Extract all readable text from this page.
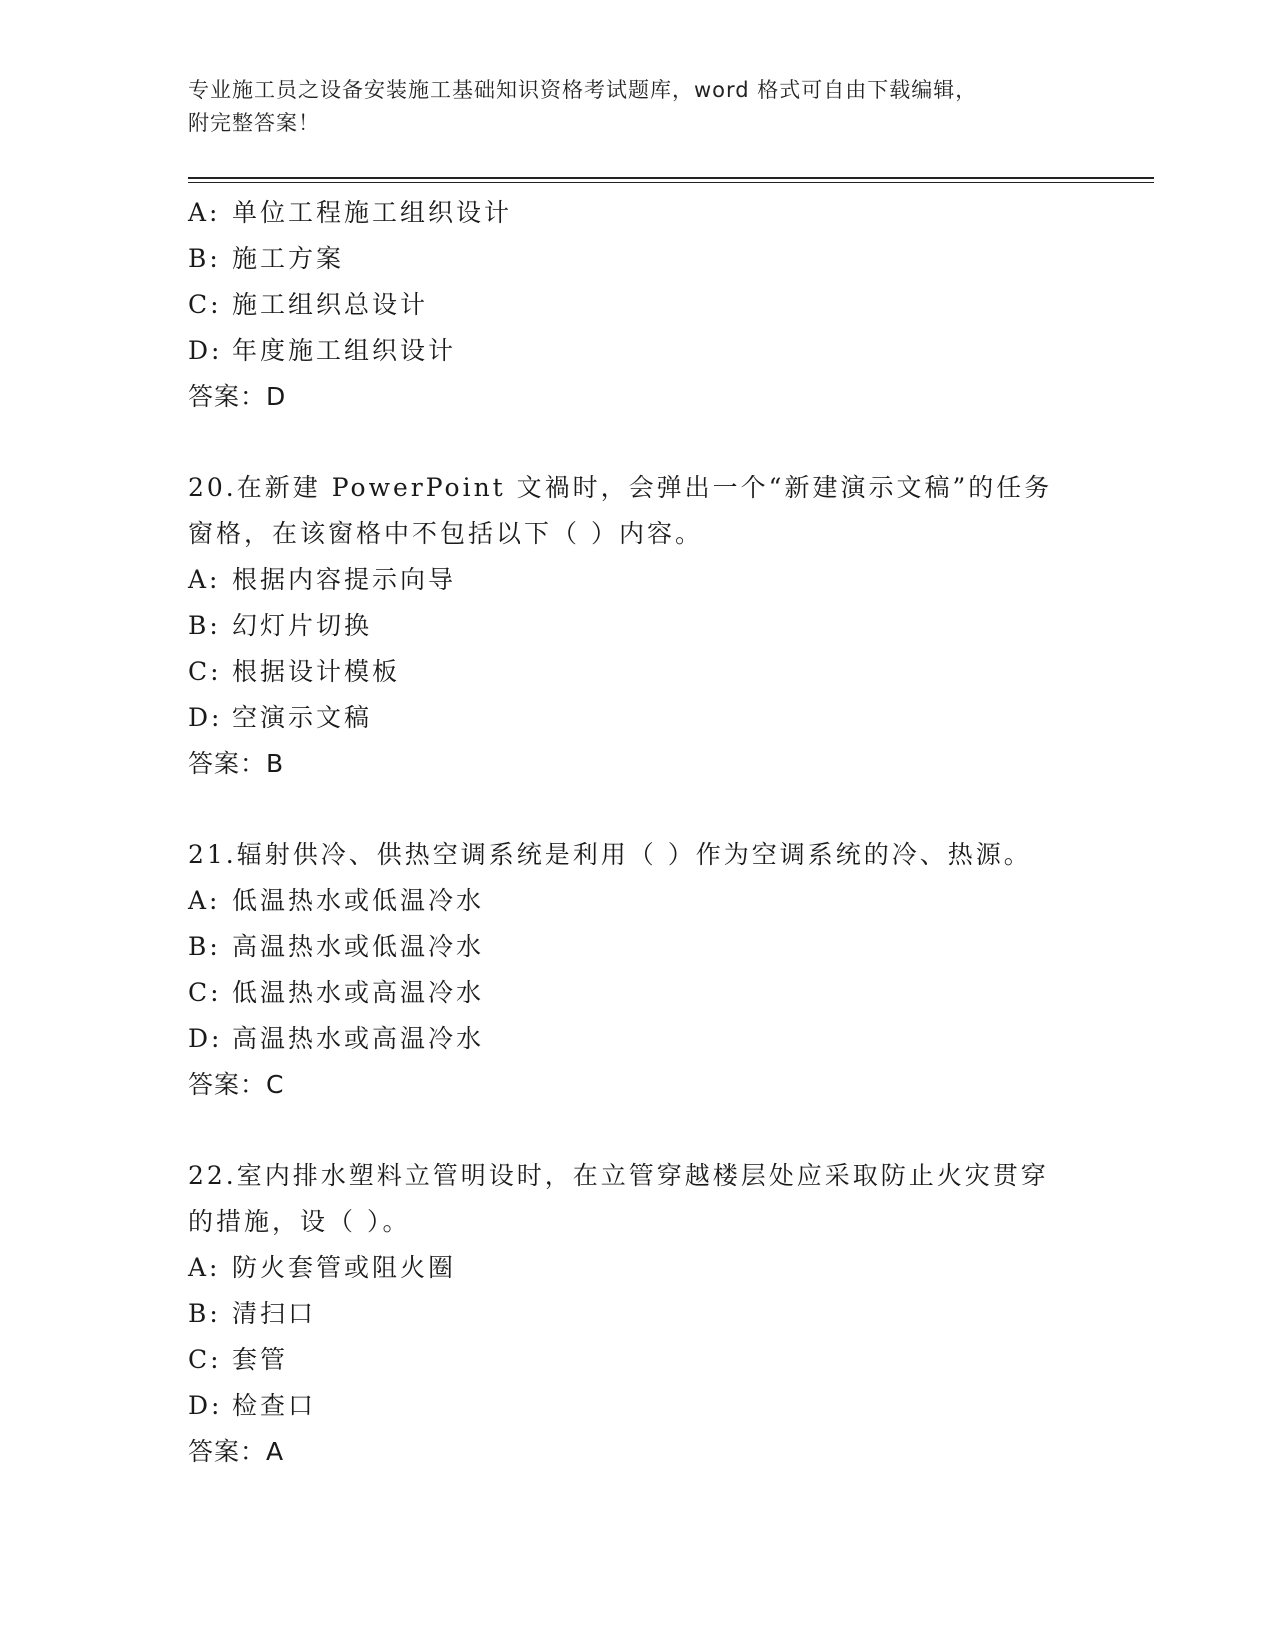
专业施工员之设备安装施工基础知识资格考试题库，word 格式可自由下载编辑，
附完整答案！
A: 单位工程施工组织设计
B: 施工方案
C: 施工组织总设计
D: 年度施工组织设计
答案：D
20.在新建 PowerPoint 文禍时，会弹出一个“新建演示文稿”的任务
窗格，在该窗格中不包括以下（ ）内容。
A: 根据内容提示向导
B: 幻灯片切换
C: 根据设计模板
D: 空演示文稿
答案：B
21.辐射供冷、供热空调系统是利用（ ）作为空调系统的冷、热源。
A: 低温热水或低温冷水
B: 高温热水或低温冷水
C: 低温热水或高温冷水
D: 高温热水或高温冷水
答案：C
22.室内排水塑料立管明设时，在立管穿越楼层处应采取防止火灾贯穿
的措施，设（ ）。
A: 防火套管或阻火圈
B: 清扫口
C: 套管
D: 检查口
答案：A
